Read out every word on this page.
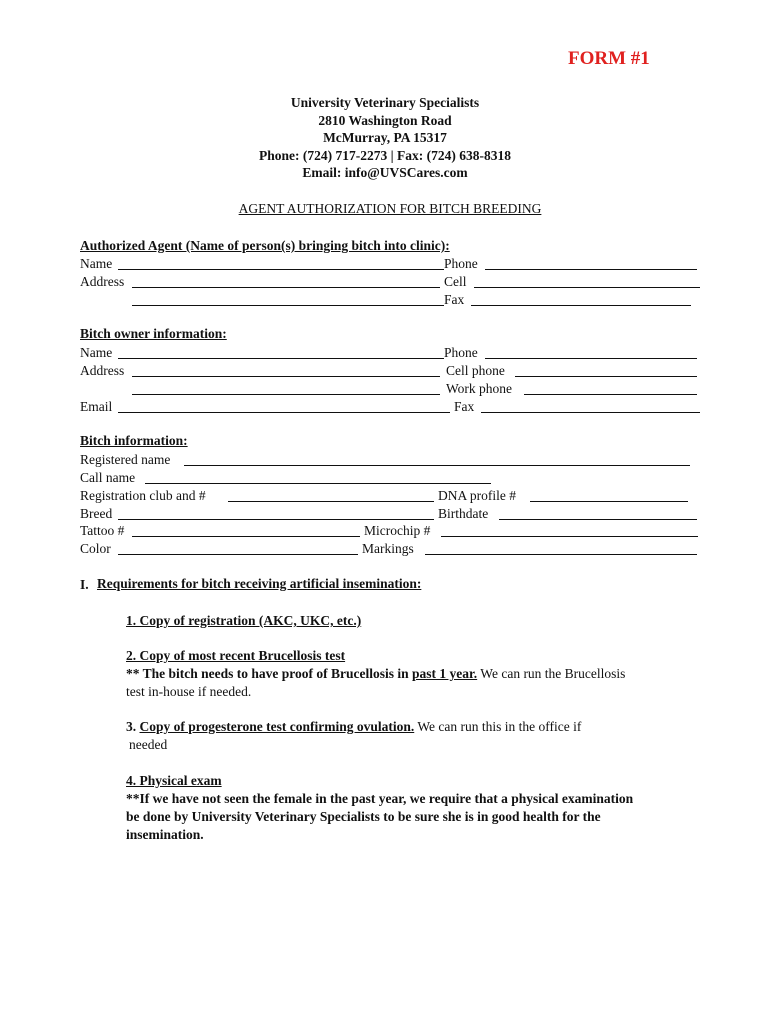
FORM #1
University Veterinary Specialists
2810 Washington Road
McMurray, PA 15317
Phone: (724) 717-2273 | Fax: (724) 638-8318
Email: info@UVSCares.com
AGENT AUTHORIZATION FOR BITCH BREEDING
Authorized Agent (Name of person(s) bringing bitch into clinic):
Name	Phone
Address	Cell
Fax
Bitch owner information:
Name	Phone
Address	Cell phone
Work phone
Email	Fax
Bitch information:
Registered name
Call name
Registration club and #	DNA profile #
Breed	Birthdate
Tattoo #	Microchip #
Color	Markings
I. Requirements for bitch receiving artificial insemination:
1. Copy of registration (AKC, UKC, etc.)
2. Copy of most recent Brucellosis test
** The bitch needs to have proof of Brucellosis in past 1 year. We can run the Brucellosis
test in-house if needed.
3. Copy of progesterone test confirming ovulation. We can run this in the office if
needed
4. Physical exam
**If we have not seen the female in the past year, we require that a physical examination
be done by University Veterinary Specialists to be sure she is in good health for the
insemination.
